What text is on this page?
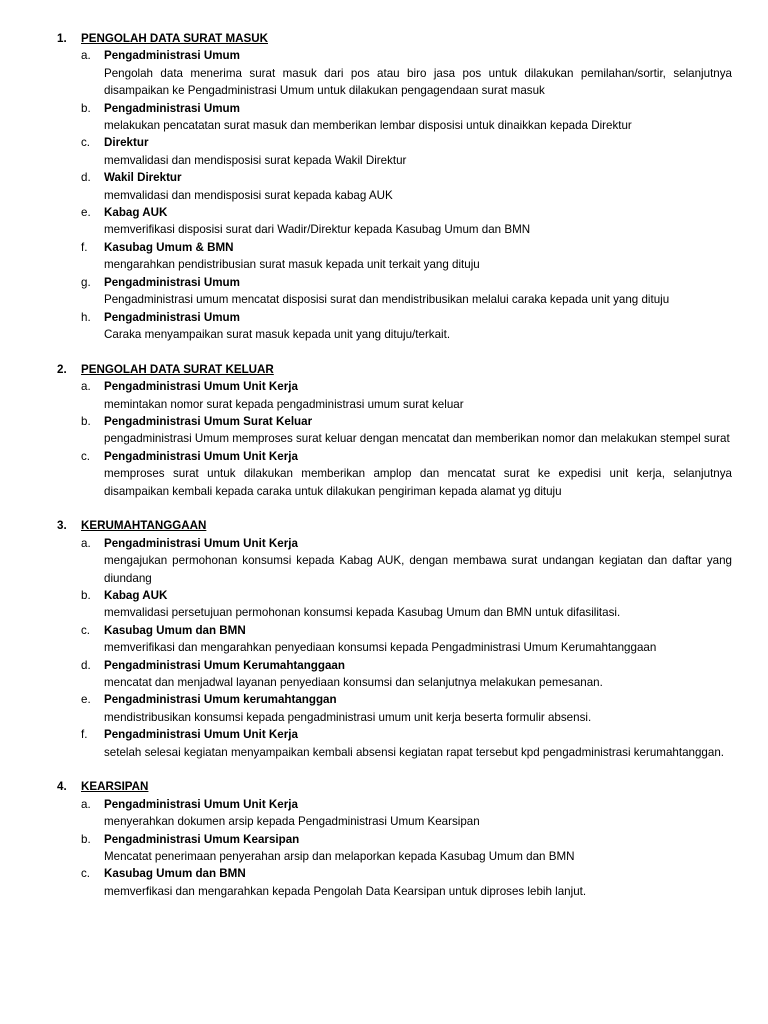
1.	PENGOLAH DATA SURAT MASUK
a.	Pengadministrasi Umum
Pengolah data menerima surat masuk dari pos atau biro jasa pos untuk dilakukan pemilahan/sortir, selanjutnya disampaikan ke Pengadministrasi Umum untuk dilakukan pengagendaan surat masuk
b.	Pengadministrasi Umum
melakukan pencatatan surat masuk dan memberikan lembar disposisi untuk dinaikkan kepada Direktur
c.	Direktur
memvalidasi dan mendisposisi surat kepada Wakil Direktur
d.	Wakil Direktur
memvalidasi dan mendisposisi surat kepada kabag AUK
e.	Kabag AUK
memverifikasi disposisi surat dari Wadir/Direktur kepada Kasubag Umum dan BMN
f.	Kasubag Umum & BMN
mengarahkan pendistribusian surat masuk kepada unit terkait yang dituju
g.	Pengadministrasi Umum
Pengadministrasi umum mencatat disposisi surat dan mendistribusikan melalui caraka kepada unit yang dituju
h.	Pengadministrasi Umum
Caraka menyampaikan surat masuk kepada unit yang dituju/terkait.
2.	PENGOLAH DATA SURAT KELUAR
a.	Pengadministrasi Umum Unit Kerja
memintakan nomor surat kepada pengadministrasi umum surat keluar
b.	Pengadministrasi Umum Surat Keluar
pengadministrasi Umum memproses surat keluar dengan mencatat dan memberikan nomor dan melakukan stempel surat
c.	Pengadministrasi Umum Unit Kerja
memproses surat untuk dilakukan memberikan amplop dan mencatat surat ke expedisi unit kerja, selanjutnya disampaikan kembali kepada caraka untuk dilakukan pengiriman kepada alamat yg dituju
3.	KERUMAHTANGGAAN
a.	Pengadministrasi Umum Unit Kerja
mengajukan permohonan konsumsi kepada Kabag AUK, dengan membawa surat undangan kegiatan dan daftar yang diundang
b.	Kabag AUK
memvalidasi persetujuan permohonan konsumsi kepada Kasubag Umum dan BMN untuk difasilitasi.
c.	Kasubag Umum dan BMN
memverifikasi dan mengarahkan penyediaan konsumsi kepada Pengadministrasi Umum Kerumahtanggaan
d.	Pengadministrasi Umum Kerumahtanggaan
mencatat dan menjadwal layanan penyediaan konsumsi dan selanjutnya melakukan pemesanan.
e.	Pengadministrasi Umum kerumahtanggan
mendistribusikan konsumsi kepada pengadministrasi umum unit kerja beserta formulir absensi.
f.	Pengadministrasi Umum Unit Kerja
setelah selesai kegiatan menyampaikan kembali absensi kegiatan rapat tersebut kpd pengadministrasi kerumahtanggan.
4.	KEARSIPAN
a.	Pengadministrasi Umum Unit Kerja
menyerahkan dokumen arsip kepada Pengadministrasi Umum Kearsipan
b.	Pengadministrasi Umum Kearsipan
Mencatat penerimaan penyerahan arsip dan melaporkan kepada Kasubag Umum dan BMN
c.	Kasubag Umum dan BMN
memverfikasi dan mengarahkan kepada Pengolah Data Kearsipan untuk diproses lebih lanjut.
